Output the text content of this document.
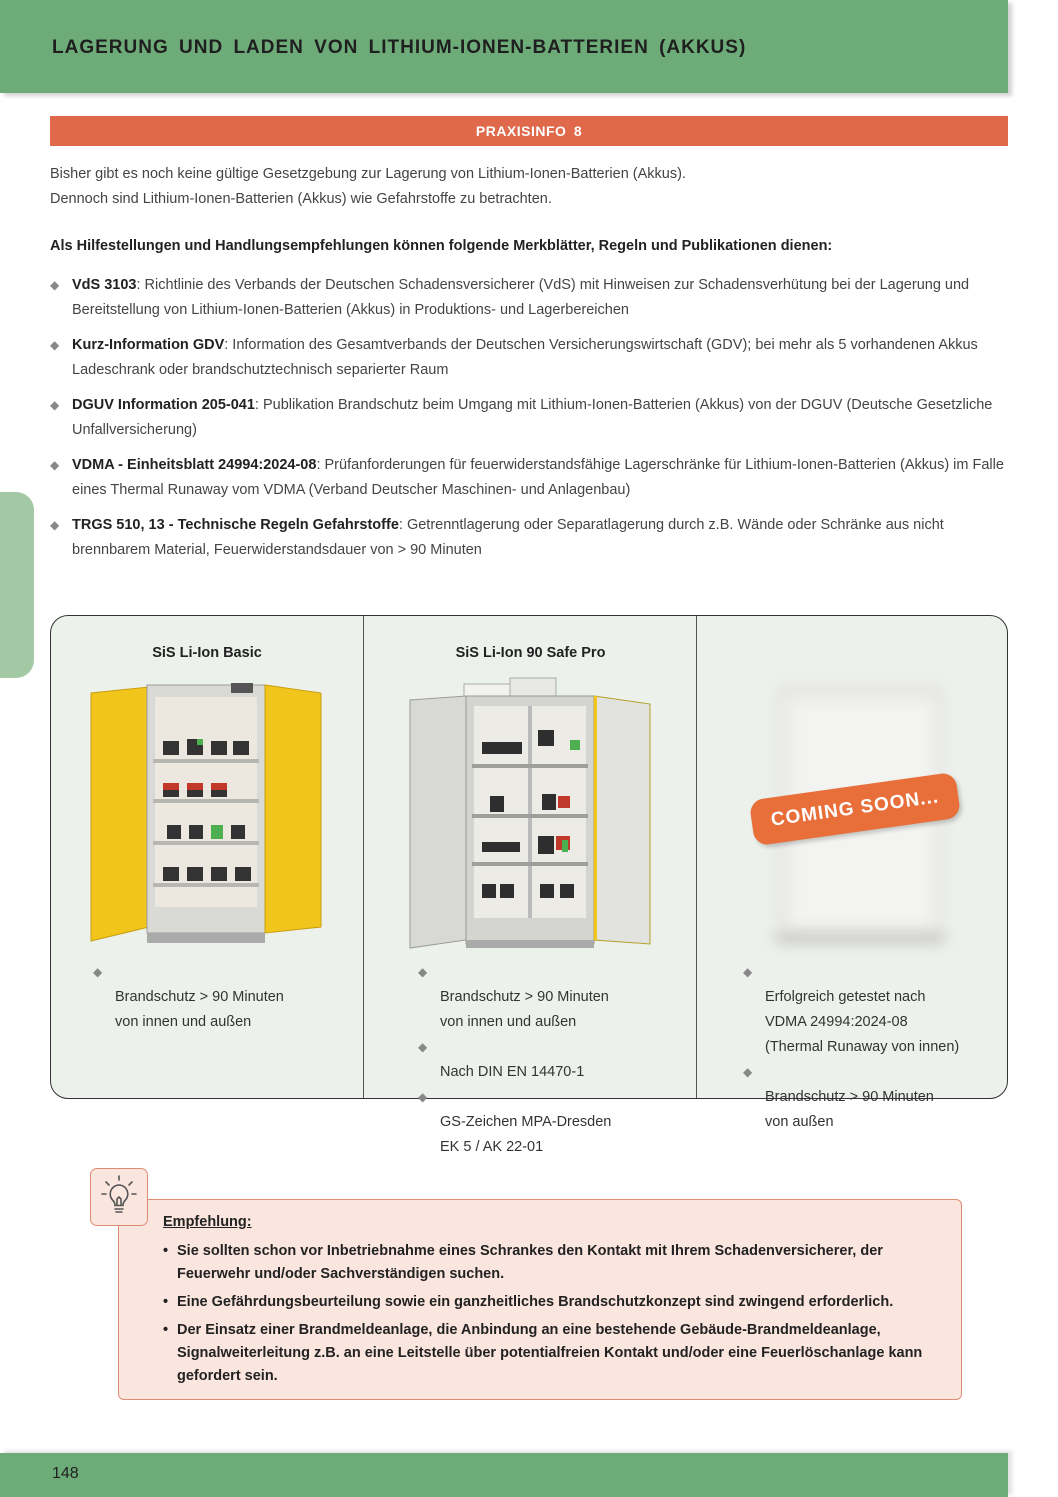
LAGERUNG UND LADEN VON LITHIUM-IONEN-BATTERIEN (AKKUS)
PRAXISINFO 8

Bisher gibt es noch keine gültige Gesetzgebung zur Lagerung von Lithium-Ionen-Batterien (Akkus).

Dennoch sind Lithium-Ionen-Batterien (Akkus) wie Gefahrstoffe zu betrachten.

Als Hilfestellungen und Handlungsempfehlungen können folgende Merkblätter, Regeln und Publikationen dienen:
◆ VdS 3103: Richtlinie des Verbands der Deutschen Schadensversicherer (VdS) mit Hinweisen zur Schadensverhütung bei der Lagerung und Bereitstellung von Lithium-Ionen-Batterien (Akkus) in Produktions- und Lagerbereichen
◆ Kurz-Information GDV: Information des Gesamtverbands der Deutschen Versicherungswirtschaft (GDV); bei mehr als 5 vorhandenen Akkus Ladeschrank oder brandschutztechnisch separierter Raum
◆ DGUV Information 205-041: Publikation Brandschutz beim Umgang mit Lithium-Ionen-Batterien (Akkus) von der DGUV (Deutsche Gesetzliche Unfallversicherung)
◆ VDMA - Einheitsblatt 24994:2024-08: Prüfanforderungen für feuerwiderstandsfähige Lagerschränke für Lithium-Ionen-Batterien (Akkus) im Falle eines Thermal Runaway vom VDMA (Verband Deutscher Maschinen- und Anlagenbau)
◆ TRGS 510, 13 - Technische Regeln Gefahrstoffe: Getrenntlagerung oder Separatlagerung durch z.B. Wände oder Schränke aus nicht brennbarem Material, Feuerwiderstandsdauer von > 90 Minuten
SiS Li-Ion Basic

◆
Brandschutz > 90 Minuten
von innen und außen

SiS Li-Ion 90 Safe Pro

◆
Brandschutz > 90 Minuten
von innen und außen

◆
Nach DIN EN 14470-1

◆
GS-Zeichen MPA-Dresden
EK 5 / AK 22-01

COMING SOON...

◆
Erfolgreich getestet nach
VDMA 24994:2024-08
(Thermal Runaway von innen)

◆
Brandschutz > 90 Minuten
von außen

Empfehlung:
• Sie sollten schon vor Inbetriebnahme eines Schrankes den Kontakt mit Ihrem Schadenversicherer, der Feuerwehr und/oder Sachverständigen suchen.
• Eine Gefährdungsbeurteilung sowie ein ganzheitliches Brandschutzkonzept sind zwingend erforderlich.
• Der Einsatz einer Brandmeldeanlage, die Anbindung an eine bestehende Gebäude-Brandmeldeanlage, Signalweiterleitung z.B. an eine Leitstelle über potentialfreien Kontakt und/oder eine Feuerlöschanlage kann gefordert sein.
148
